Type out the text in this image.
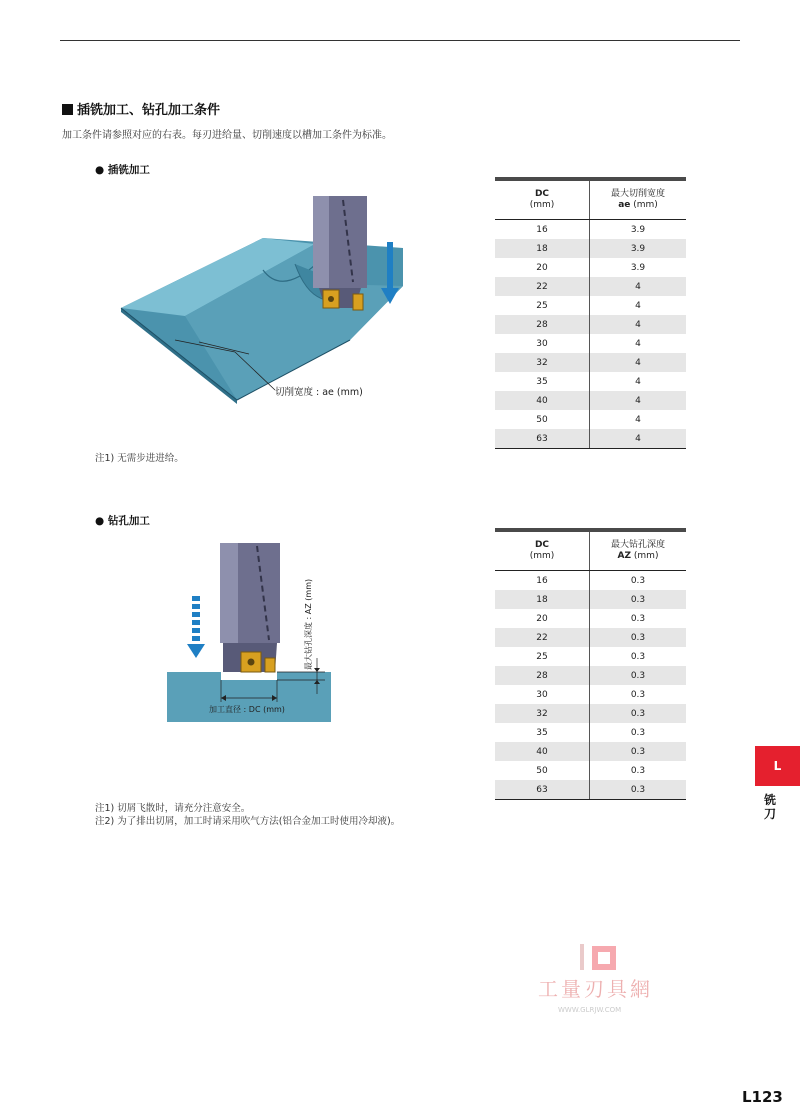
插铣加工、钻孔加工条件
加工条件请参照对应的右表。每刃进给量、切削速度以槽加工条件为标准。
● 插铣加工
切削宽度 : ae (mm)
注1) 无需步进进给。
DC
(mm)	最大切削宽度
ae (mm)
16	3.9
18	3.9
20	3.9
22	4
25	4
28	4
30	4
32	4
35	4
40	4
50	4
63	4
● 钻孔加工
最大钻孔深度 : AZ (mm)
加工直径 : DC (mm)
注1) 切屑飞散时，请充分注意安全。
注2) 为了排出切屑，加工时请采用吹气方法(铝合金加工时使用冷却液)。
DC
(mm)	最大钻孔深度
AZ (mm)
16	0.3
18	0.3
20	0.3
22	0.3
25	0.3
28	0.3
30	0.3
32	0.3
35	0.3
40	0.3
50	0.3
63	0.3
L
铣刀
工量刃具網
WWW.GLRJW.COM
L123
